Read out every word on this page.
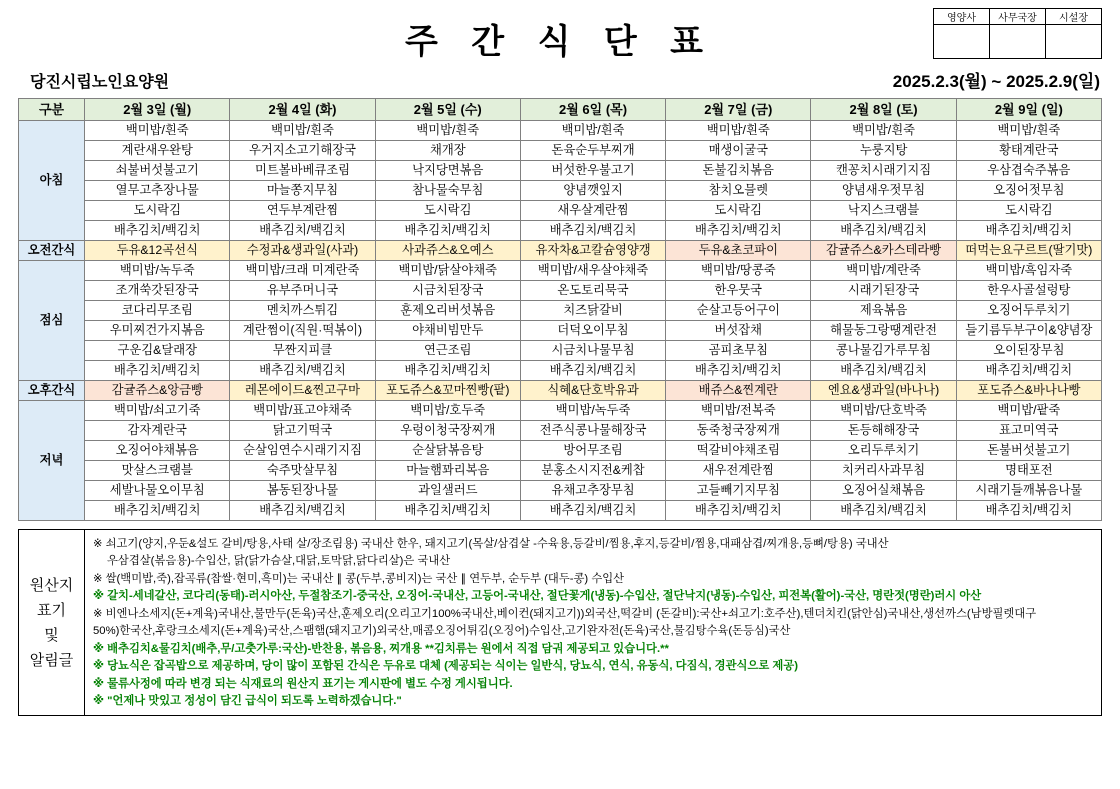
영양사	사무국장	시설장

주 간 식 단 표
당진시립노인요양원	2025.2.3(월) ~ 2025.2.9(일)
구분	2월 3일 (월)	2월 4일 (화)	2월 5일 (수)	2월 6일 (목)	2월 7일 (금)	2월 8일 (토)	2월 9일 (일)
아침	백미밥/흰죽	백미밥/흰죽	백미밥/흰죽	백미밥/흰죽	백미밥/흰죽	백미밥/흰죽	백미밥/흰죽
	계란새우완탕	우거지소고기해장국	채개장	돈육순두부찌개	매생이굴국	누룽지탕	황태계란국
	쇠불버섯불고기	미트볼바베큐조림	낙지당면볶음	버섯한우불고기	돈불김치볶음	캔꽁치시래기지짐	우삼겹숙주볶음
	열무고추장나물	마늘쫑지무침	참나물숙무침	양념깻잎지	참치오믈렛	양념새우젓무침	오징어젓무침
	도시락김	연두부계란찜	도시락김	새우살계란찜	도시락김	낙지스크램블	도시락김
	배추김치/백김치	배추김치/백김치	배추김치/백김치	배추김치/백김치	배추김치/백김치	배추김치/백김치	배추김치/백김치
오전간식	두유&12곡선식	수정과&생과일(사과)	사과쥬스&오예스	유자차&고칼슘영양갱	두유&초코파이	감귤쥬스&카스테라빵	떠먹는요구르트(딸기맛)
점심	백미밥/녹두죽	백미밥/크래 미계란죽	백미밥/닭살야채죽	백미밥/새우살야채죽	백미밥/땅콩죽	백미밥/계란죽	백미밥/흑임자죽
	조개쑥갓된장국	유부주머니국	시금치된장국	온도토리묵국	한우뭇국	시래기된장국	한우사골설렁탕
	코다리무조림	멘치까스튀김	훈제오리버섯볶음	치즈닭갈비	순살고등어구이	제육볶음	오징어두루치기
	우미찌건가지볶음	계란쩜이(직원·떡볶이)	야채비빔만두	더덕오이무침	버섯잡채	해물동그랑땡계란전	들기름두부구이&양념장
	구운김&달래장	무짠지피클	연근조림	시금치나물무침	곰피초무침	콩나물김가루무침	오이된장무침
	배추김치/백김치	배추김치/백김치	배추김치/백김치	배추김치/백김치	배추김치/백김치	배추김치/백김치	배추김치/백김치
오후간식	감귤쥬스&앙금빵	레몬에이드&찐고구마	포도쥬스&꼬마찐빵(팥)	식혜&단호박유과	배쥬스&찐계란	엔요&생과일(바나나)	포도쥬스&바나나빵
저녁	백미밥/쇠고기죽	백미밥/표고야채죽	백미밥/호두죽	백미밥/녹두죽	백미밥/전복죽	백미밥/단호박죽	백미밥/팥죽
	감자계란국	닭고기떡국	우렁이청국장찌개	전주식콩나물해장국	동죽청국장찌개	돈등해해장국	표고미역국
	오징어야채볶음	순살임연수시래기지짐	순살닭볶음탕	방어무조림	떡갈비야채조림	오리두루치기	돈불버섯불고기
	맛살스크램블	숙주맛살무침	마늘햄꽈리복음	분홍소시지전&케찹	새우전계란찜	치커리사과무침	명태포전
	세발나물오이무침	봄동된장나물	과일샐러드	유채고추장무침	고들빼기지무침	오징어실채볶음	시래기들깨볶음나물
	배추김치/백김치	배추김치/백김치	배추김치/백김치	배추김치/백김치	배추김치/백김치	배추김치/백김치	배추김치/백김치
원산지
표기
및
알림글

※ 쇠고기(양지,우둔&설도 갈비/탕용,사태 살/장조림용) 국내산 한우, 돼지고기(목살/삼겹살 -수육용,등갈비/찜용,후지,등갈비/찜용,대패삼겹/찌개용,등뼈/탕용) 국내산
우삼겹살(볶음용)-수입산, 닭(닭가슴살,대닭,토막닭,닭다리살)은 국내산
※ 쌀(백미밥,죽),잡곡류(찹쌀·현미,흑미)는 국내산 ∥ 콩(두부,콩비지)는 국산 ∥ 연두부, 순두부 (대두-콩) 수입산
※ 갈치-세네갈산, 코다리(동태)-러시아산, 두절참조기-중국산, 오징어-국내산, 고등어-국내산, 절단꽃게(냉동)-수입산, 절단낙지(냉동)-수입산, 피전복(활어)-국산, 명란젓(명란)러시 아산
※ 비엔나소세지(돈+계육)국내산,물만두(돈육)국산,훈제오리(오리고기100%국내산,베이컨(돼지고기))외국산,떡갈비 (돈갈비):국산+쇠고기:호주산),텐더치킨(닭안심)국내산,생선까스(남방필렛대구
50%)한국산,후랑크소세지(돈+계육)국산,스팸햄(돼지고기)외국산,매콤오징어튀김(오징어)수입산,고기완자전(돈육)국산,물김탕수육(돈등심)국산
※ 배추김치&물김치(배추,무/고춧가루:국산)-반찬용, 볶음용, 찌개용 **김치류는 원에서 직접 담궈 제공되고 있습니다.**
※ 당뇨식은 잡곡밥으로 제공하며, 당이 많이 포함된 간식은 두유로 대체 (제공되는 식이는 일반식, 당뇨식, 연식, 유동식, 다짐식, 경관식으로 제공)
※ 물류사정에 따라 변경 되는 식재료의 원산지 표기는 게시판에 별도 수정 게시됩니다.
※ "언제나 맛있고 정성이 담긴 급식이 되도록 노력하겠습니다."
